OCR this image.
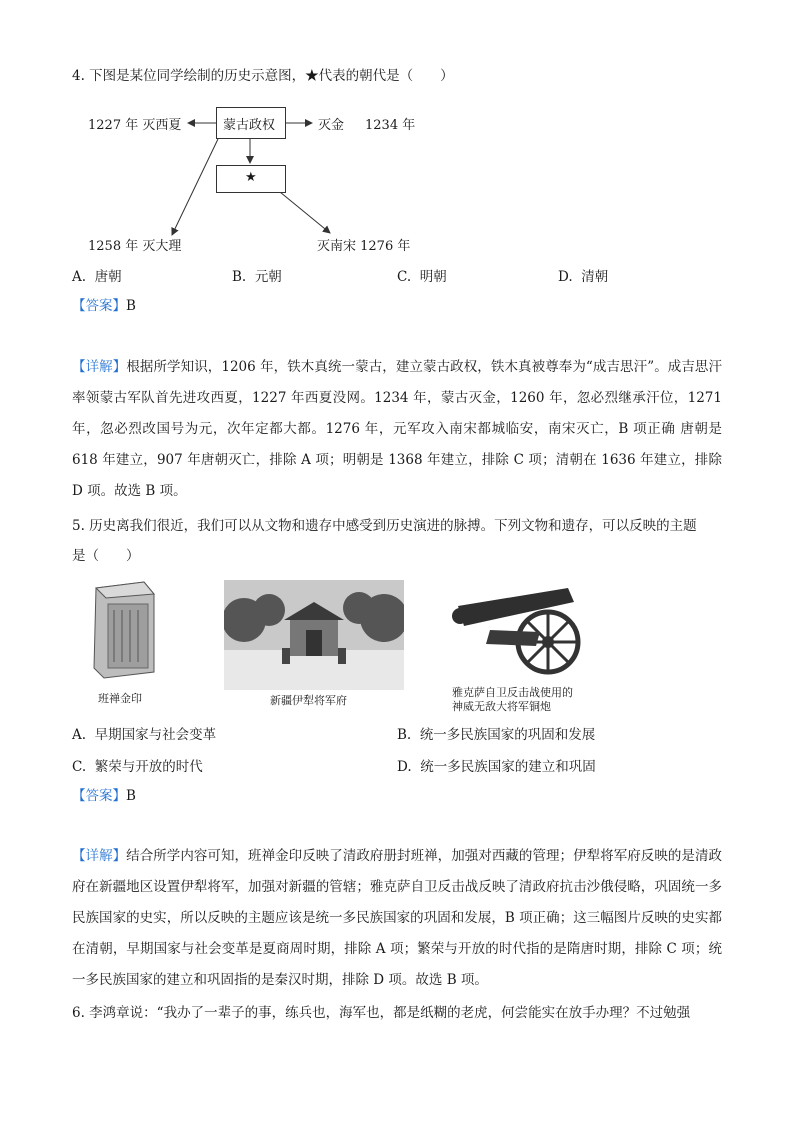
4. 下图是某位同学绘制的历史示意图，★代表的朝代是（　　）
蒙古政权
★
1227 年 灭西夏	灭金 1234 年
1258 年 灭大理	灭南宋 1276 年
A. 唐朝	B. 元朝	C. 明朝	D. 清朝
【答案】B
【详解】根据所学知识，1206 年，铁木真统一蒙古，建立蒙古政权，铁木真被尊奉为“成吉思汗”。成吉思汗率领蒙古军队首先进攻西夏，1227 年西夏没网。1234 年，蒙古灭金，1260 年，忽必烈继承汗位，1271 年，忽必烈改国号为元，次年定都大都。1276 年，元军攻入南宋都城临安，南宋灭亡，B 项正确 唐朝是 618 年建立，907 年唐朝灭亡，排除 A 项；明朝是 1368 年建立，排除 C 项；清朝在 1636 年建立，排除 D 项。故选 B 项。
5. 历史离我们很近，我们可以从文物和遗存中感受到历史演进的脉搏。下列文物和遗存，可以反映的主题
是（　　）
班禅金印	新疆伊犁将军府
雅克萨自卫反击战使用的
神威无敌大将军铜炮
A. 早期国家与社会变革	B. 统一多民族国家的巩固和发展
C. 繁荣与开放的时代	D. 统一多民族国家的建立和巩固
【答案】B
【详解】结合所学内容可知，班禅金印反映了清政府册封班禅，加强对西藏的管理；伊犁将军府反映的是清政府在新疆地区设置伊犁将军，加强对新疆的管辖；雅克萨自卫反击战反映了清政府抗击沙俄侵略，巩固统一多民族国家的史实，所以反映的主题应该是统一多民族国家的巩固和发展，B 项正确；这三幅图片反映的史实都在清朝，早期国家与社会变革是夏商周时期，排除 A 项；繁荣与开放的时代指的是隋唐时期，排除 C 项；统一多民族国家的建立和巩固指的是秦汉时期，排除 D 项。故选 B 项。
6. 李鸿章说：“我办了一辈子的事，练兵也，海军也，都是纸糊的老虎，何尝能实在放手办理？不过勉强
